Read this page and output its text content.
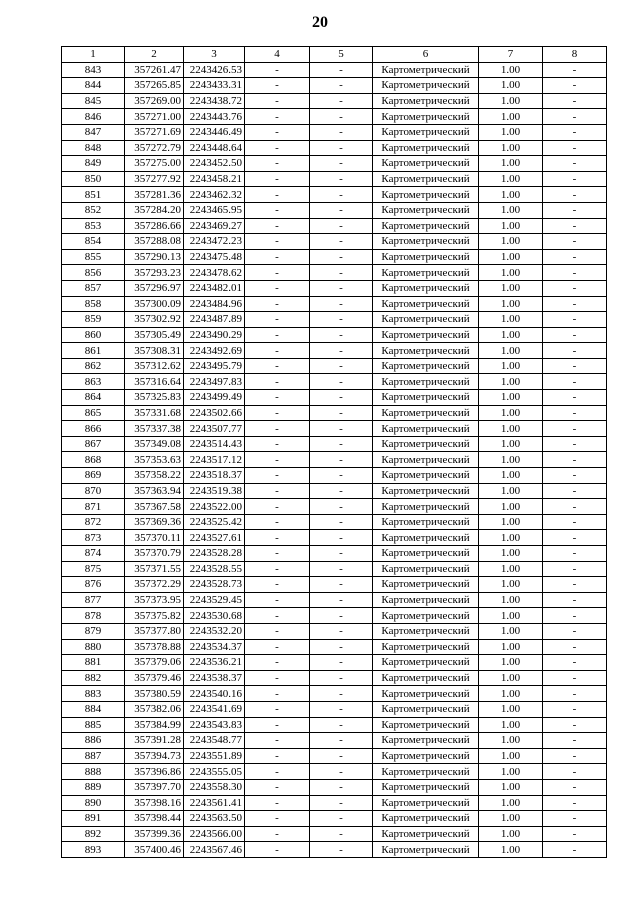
20
1	2	3	4	5	6	7	8
843	357261.47	2243426.53	-	-	Картометрический	1.00	-
844	357265.85	2243433.31	-	-	Картометрический	1.00	-
845	357269.00	2243438.72	-	-	Картометрический	1.00	-
846	357271.00	2243443.76	-	-	Картометрический	1.00	-
847	357271.69	2243446.49	-	-	Картометрический	1.00	-
848	357272.79	2243448.64	-	-	Картометрический	1.00	-
849	357275.00	2243452.50	-	-	Картометрический	1.00	-
850	357277.92	2243458.21	-	-	Картометрический	1.00	-
851	357281.36	2243462.32	-	-	Картометрический	1.00	-
852	357284.20	2243465.95	-	-	Картометрический	1.00	-
853	357286.66	2243469.27	-	-	Картометрический	1.00	-
854	357288.08	2243472.23	-	-	Картометрический	1.00	-
855	357290.13	2243475.48	-	-	Картометрический	1.00	-
856	357293.23	2243478.62	-	-	Картометрический	1.00	-
857	357296.97	2243482.01	-	-	Картометрический	1.00	-
858	357300.09	2243484.96	-	-	Картометрический	1.00	-
859	357302.92	2243487.89	-	-	Картометрический	1.00	-
860	357305.49	2243490.29	-	-	Картометрический	1.00	-
861	357308.31	2243492.69	-	-	Картометрический	1.00	-
862	357312.62	2243495.79	-	-	Картометрический	1.00	-
863	357316.64	2243497.83	-	-	Картометрический	1.00	-
864	357325.83	2243499.49	-	-	Картометрический	1.00	-
865	357331.68	2243502.66	-	-	Картометрический	1.00	-
866	357337.38	2243507.77	-	-	Картометрический	1.00	-
867	357349.08	2243514.43	-	-	Картометрический	1.00	-
868	357353.63	2243517.12	-	-	Картометрический	1.00	-
869	357358.22	2243518.37	-	-	Картометрический	1.00	-
870	357363.94	2243519.38	-	-	Картометрический	1.00	-
871	357367.58	2243522.00	-	-	Картометрический	1.00	-
872	357369.36	2243525.42	-	-	Картометрический	1.00	-
873	357370.11	2243527.61	-	-	Картометрический	1.00	-
874	357370.79	2243528.28	-	-	Картометрический	1.00	-
875	357371.55	2243528.55	-	-	Картометрический	1.00	-
876	357372.29	2243528.73	-	-	Картометрический	1.00	-
877	357373.95	2243529.45	-	-	Картометрический	1.00	-
878	357375.82	2243530.68	-	-	Картометрический	1.00	-
879	357377.80	2243532.20	-	-	Картометрический	1.00	-
880	357378.88	2243534.37	-	-	Картометрический	1.00	-
881	357379.06	2243536.21	-	-	Картометрический	1.00	-
882	357379.46	2243538.37	-	-	Картометрический	1.00	-
883	357380.59	2243540.16	-	-	Картометрический	1.00	-
884	357382.06	2243541.69	-	-	Картометрический	1.00	-
885	357384.99	2243543.83	-	-	Картометрический	1.00	-
886	357391.28	2243548.77	-	-	Картометрический	1.00	-
887	357394.73	2243551.89	-	-	Картометрический	1.00	-
888	357396.86	2243555.05	-	-	Картометрический	1.00	-
889	357397.70	2243558.30	-	-	Картометрический	1.00	-
890	357398.16	2243561.41	-	-	Картометрический	1.00	-
891	357398.44	2243563.50	-	-	Картометрический	1.00	-
892	357399.36	2243566.00	-	-	Картометрический	1.00	-
893	357400.46	2243567.46	-	-	Картометрический	1.00	-
